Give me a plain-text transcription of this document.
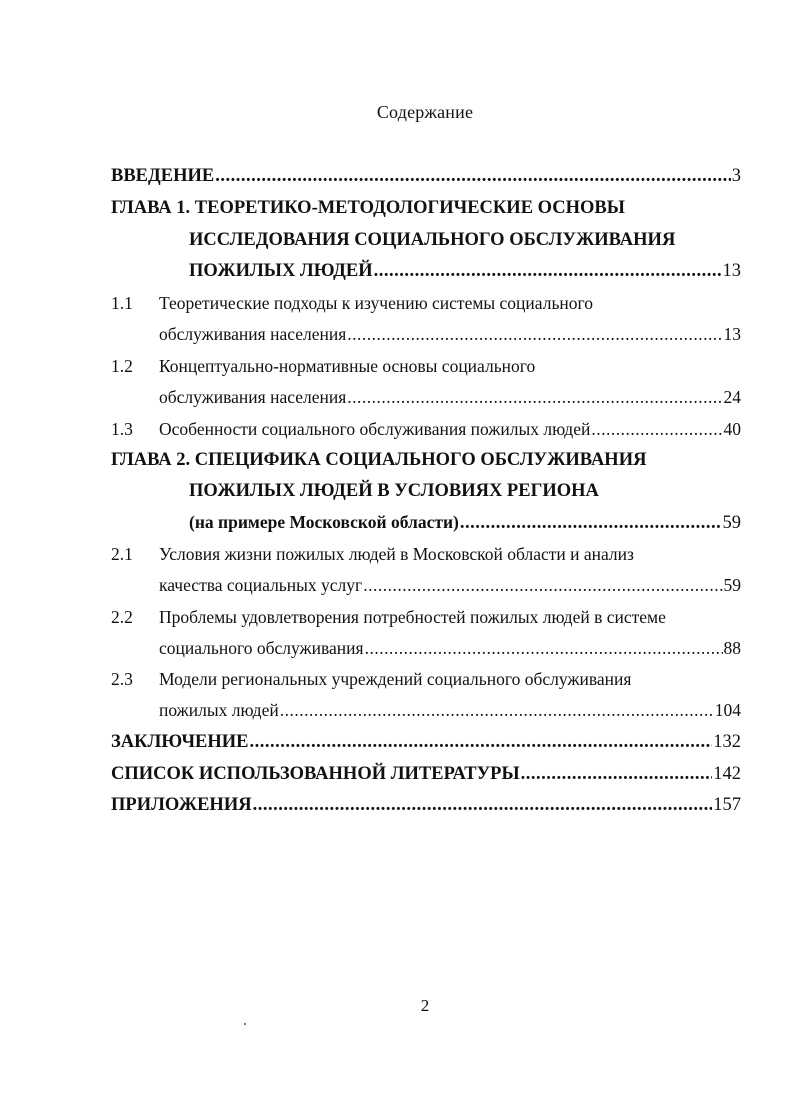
Содержание
ВВЕДЕНИЕ .....	3
ГЛАВА 1. ТЕОРЕТИКО-МЕТОДОЛОГИЧЕСКИЕ ОСНОВЫ
ИССЛЕДОВАНИЯ СОЦИАЛЬНОГО ОБСЛУЖИВАНИЯ
ПОЖИЛЫХ ЛЮДЕЙ .....	13
1.1 Теоретические подходы к изучению системы социального
обслуживания населения .....	13
1.2 Концептуально-нормативные основы социального
обслуживания населения .....	24
1.3 Особенности социального обслуживания пожилых людей .....	40
ГЛАВА 2. СПЕЦИФИКА СОЦИАЛЬНОГО ОБСЛУЖИВАНИЯ
ПОЖИЛЫХ ЛЮДЕЙ В УСЛОВИЯХ РЕГИОНА
(на примере Московской области) .....	59
2.1 Условия жизни пожилых людей в Московской области и анализ
качества социальных услуг .....	59
2.2 Проблемы удовлетворения потребностей пожилых людей в системе
социального обслуживания .....	88
2.3 Модели региональных учреждений социального обслуживания
пожилых людей .....	104
ЗАКЛЮЧЕНИЕ .....	132
СПИСОК ИСПОЛЬЗОВАННОЙ ЛИТЕРАТУРЫ .....	142
ПРИЛОЖЕНИЯ .....	157
2
